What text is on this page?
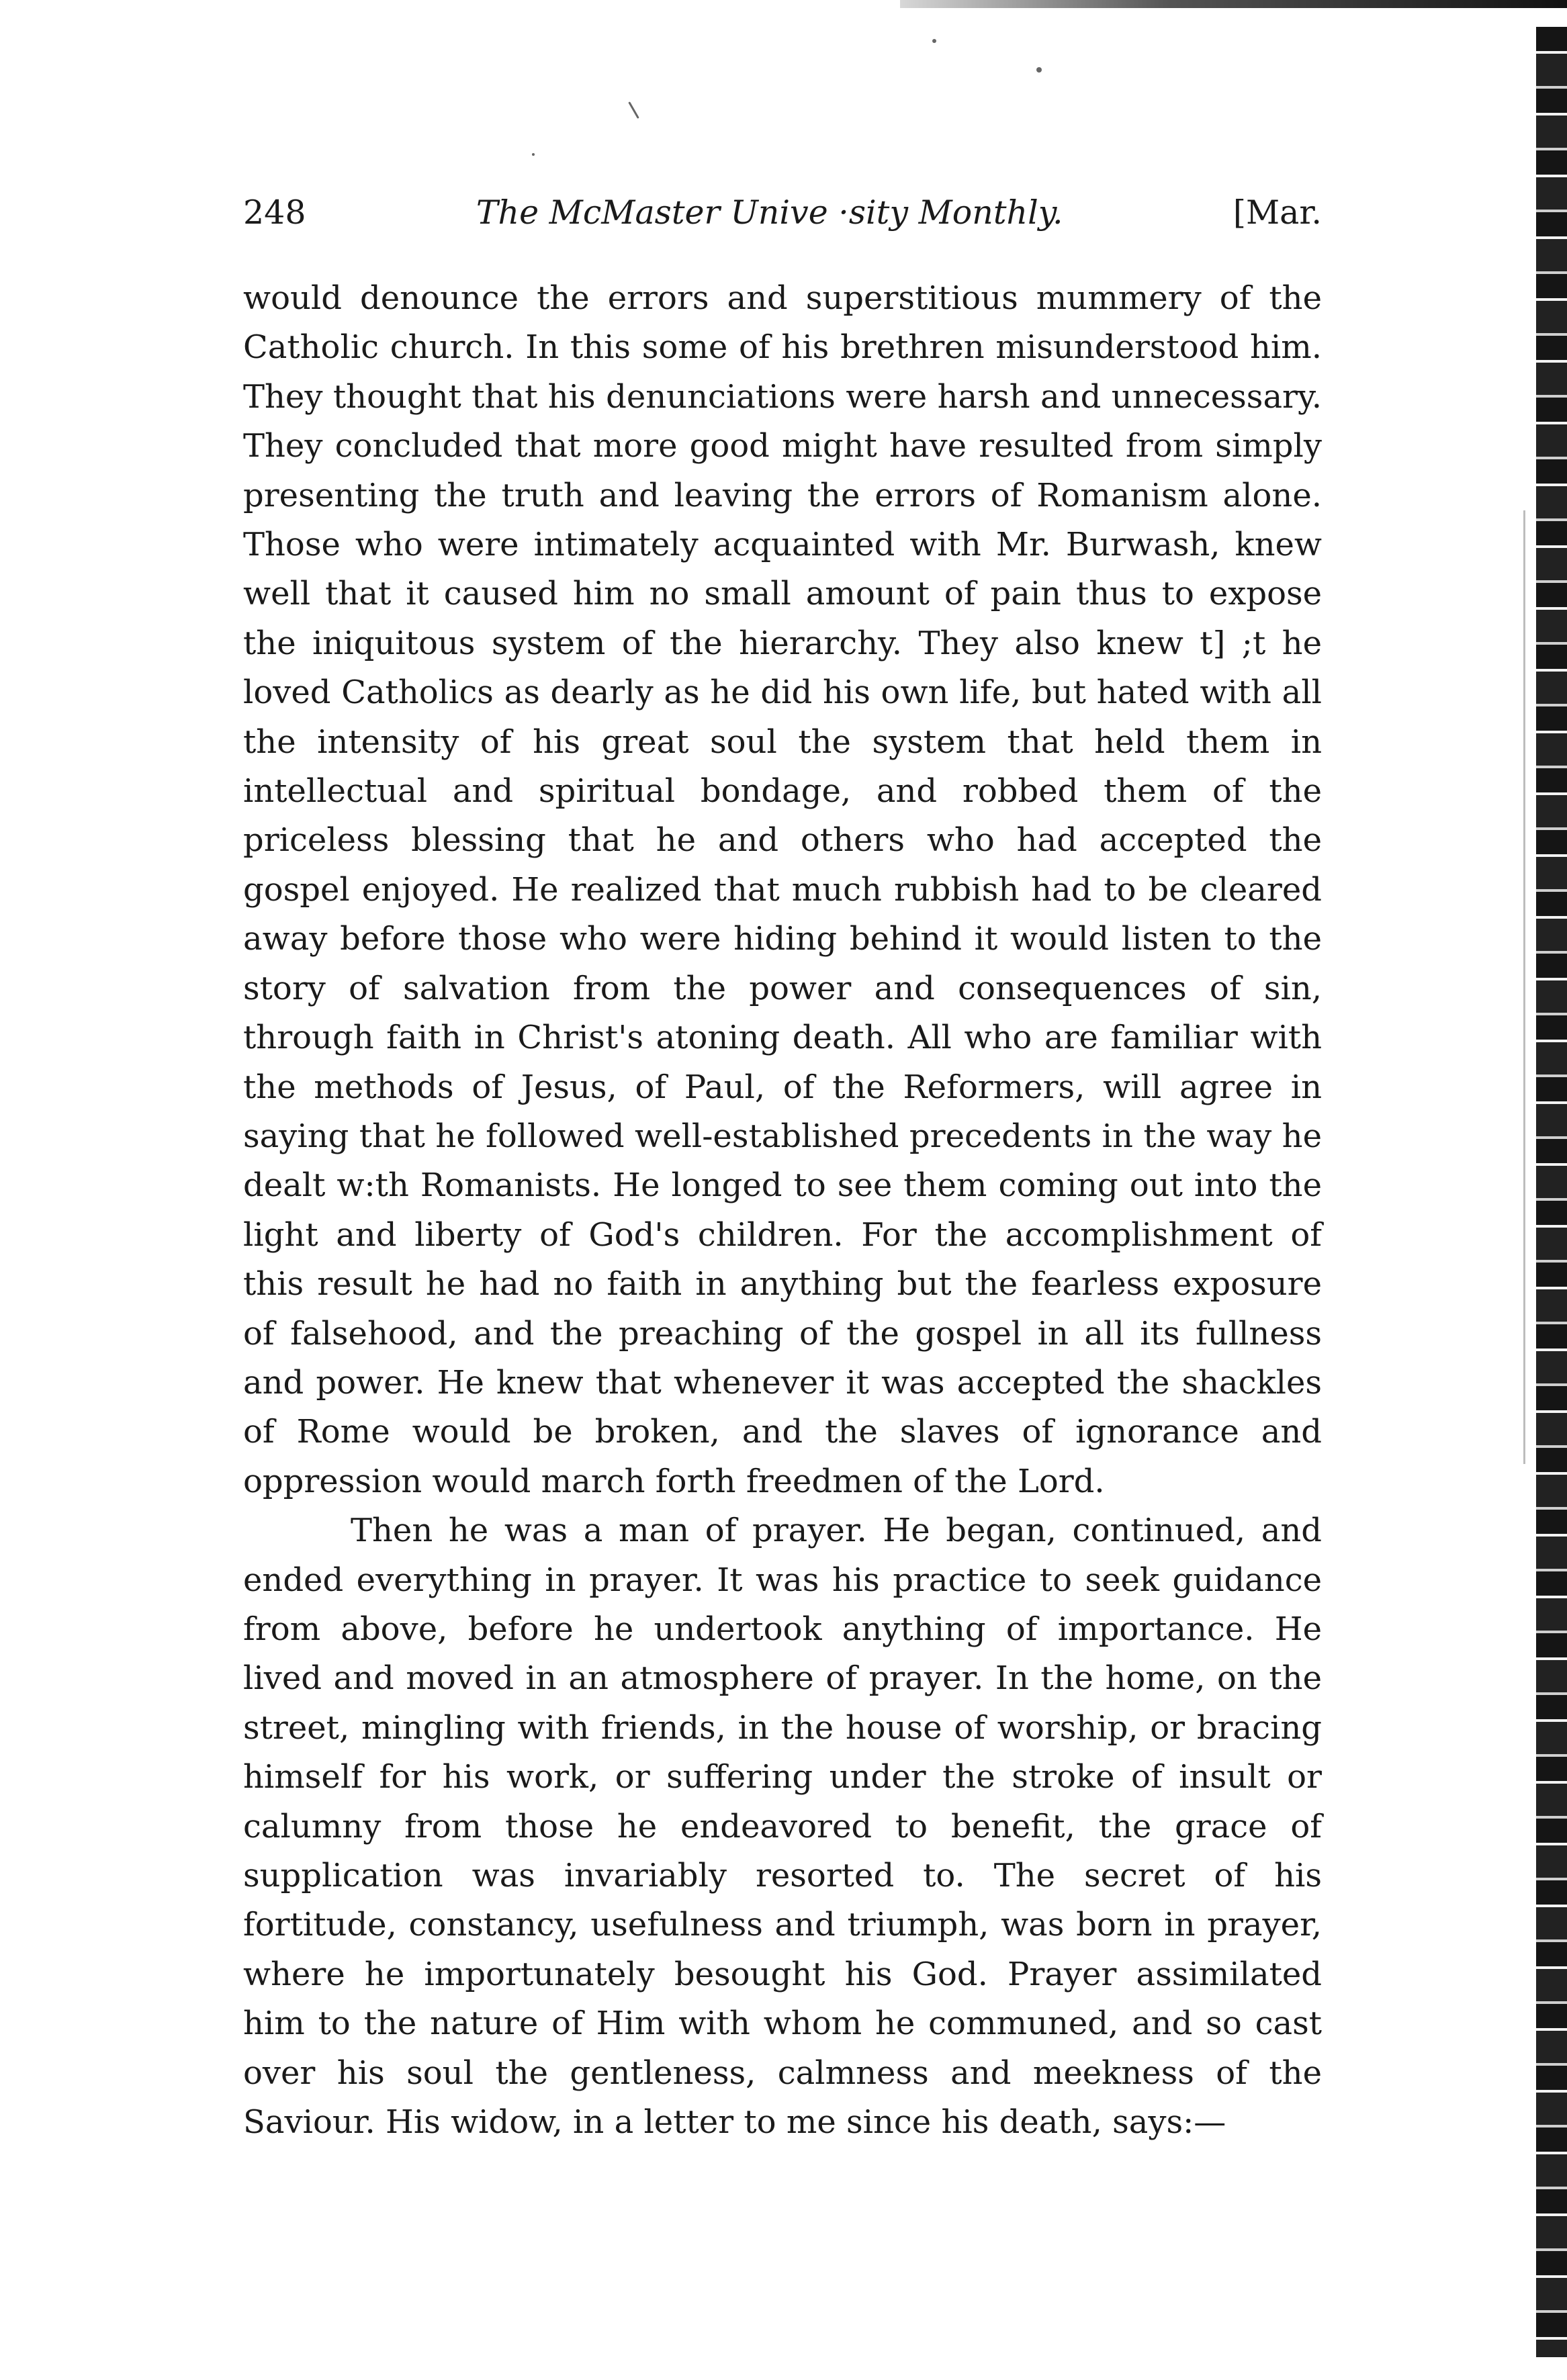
248	The McMaster Unive ·sity Monthly.	[Mar.

would denounce the errors and superstitious mummery of the Catholic church. In this some of his brethren misunderstood him. They thought that his denunciations were harsh and unnecessary. They concluded that more good might have resulted from simply presenting the truth and leaving the errors of Romanism alone. Those who were intimately acquainted with Mr. Burwash, knew well that it caused him no small amount of pain thus to expose the iniquitous system of the hierarchy. They also knew t] ;t he loved Catholics as dearly as he did his own life, but hated with all the intensity of his great soul the system that held them in intellectual and spiritual bondage, and robbed them of the priceless blessing that he and others who had accepted the gospel enjoyed. He realized that much rubbish had to be cleared away before those who were hiding behind it would listen to the story of salvation from the power and consequences of sin, through faith in Christ's atoning death. All who are familiar with the methods of Jesus, of Paul, of the Reformers, will agree in saying that he followed well-established precedents in the way he dealt w:th Romanists. He longed to see them coming out into the light and liberty of God's children. For the accomplishment of this result he had no faith in anything but the fearless exposure of falsehood, and the preaching of the gospel in all its fullness and power. He knew that whenever it was accepted the shackles of Rome would be broken, and the slaves of ignorance and oppression would march forth freedmen of the Lord.

Then he was a man of prayer. He began, continued, and ended everything in prayer. It was his practice to seek guidance from above, before he undertook anything of importance. He lived and moved in an atmosphere of prayer. In the home, on the street, mingling with friends, in the house of worship, or bracing himself for his work, or suffering under the stroke of insult or calumny from those he endeavored to benefit, the grace of supplication was invariably resorted to. The secret of his fortitude, constancy, usefulness and triumph, was born in prayer, where he importunately besought his God. Prayer assimilated him to the nature of Him with whom he communed, and so cast over his soul the gentleness, calmness and meekness of the Saviour. His widow, in a letter to me since his death, says:—
